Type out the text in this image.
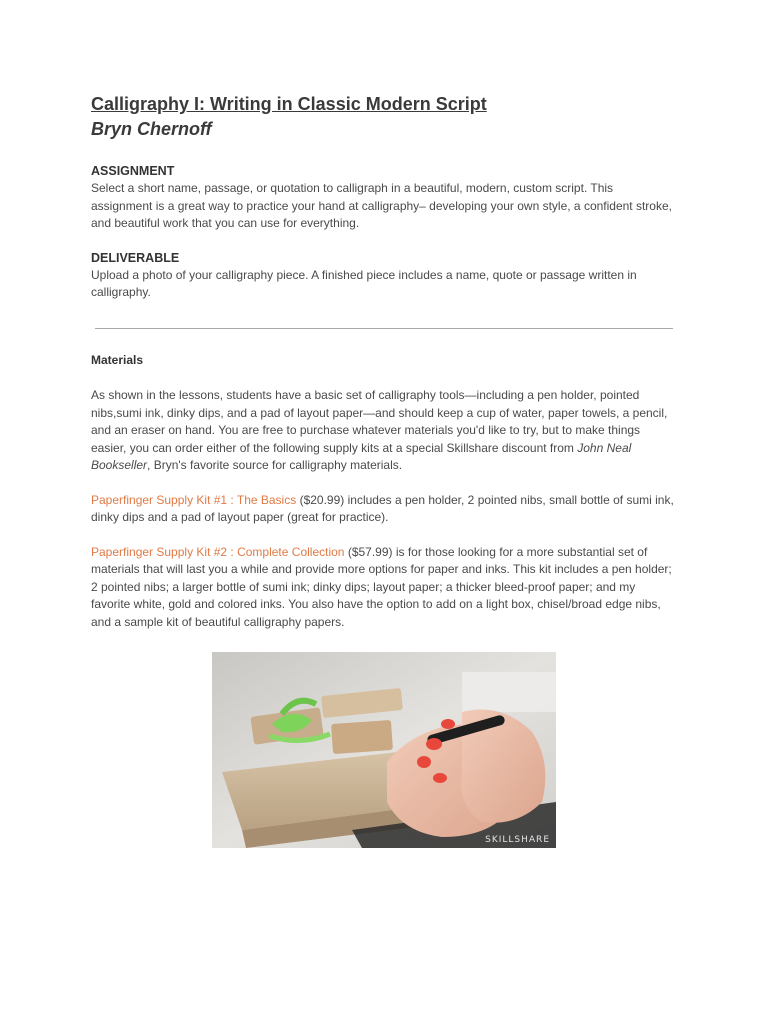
Calligraphy I: Writing in Classic Modern Script
Bryn Chernoff
ASSIGNMENT

Select a short name, passage, or quotation to calligraph in a beautiful, modern, custom script. This assignment is a great way to practice your hand at calligraphy– developing your own style, a confident stroke, and beautiful work that you can use for everything.

DELIVERABLE

Upload a photo of your calligraphy piece. A finished piece includes a name, quote or passage written in calligraphy.

Materials

As shown in the lessons, students have a basic set of calligraphy tools—including a pen holder, pointed nibs,sumi ink, dinky dips, and a pad of layout paper—and should keep a cup of water, paper towels, a pencil, and an eraser on hand. You are free to purchase whatever materials you'd like to try, but to make things easier, you can order either of the following supply kits at a special Skillshare discount from John Neal Bookseller, Bryn's favorite source for calligraphy materials.

Paperfinger Supply Kit #1 : The Basics ($20.99) includes a pen holder, 2 pointed nibs, small bottle of sumi ink, dinky dips and a pad of layout paper (great for practice).

Paperfinger Supply Kit #2 : Complete Collection ($57.99) is for those looking for a more substantial set of materials that will last you a while and provide more options for paper and inks. This kit includes a pen holder; 2 pointed nibs; a larger bottle of sumi ink; dinky dips; layout paper; a thicker bleed-proof paper; and my favorite white, gold and colored inks. You also have the option to add on a light box, chisel/broad edge nibs, and a sample kit of beautiful calligraphy papers.

SKILLSHARE
